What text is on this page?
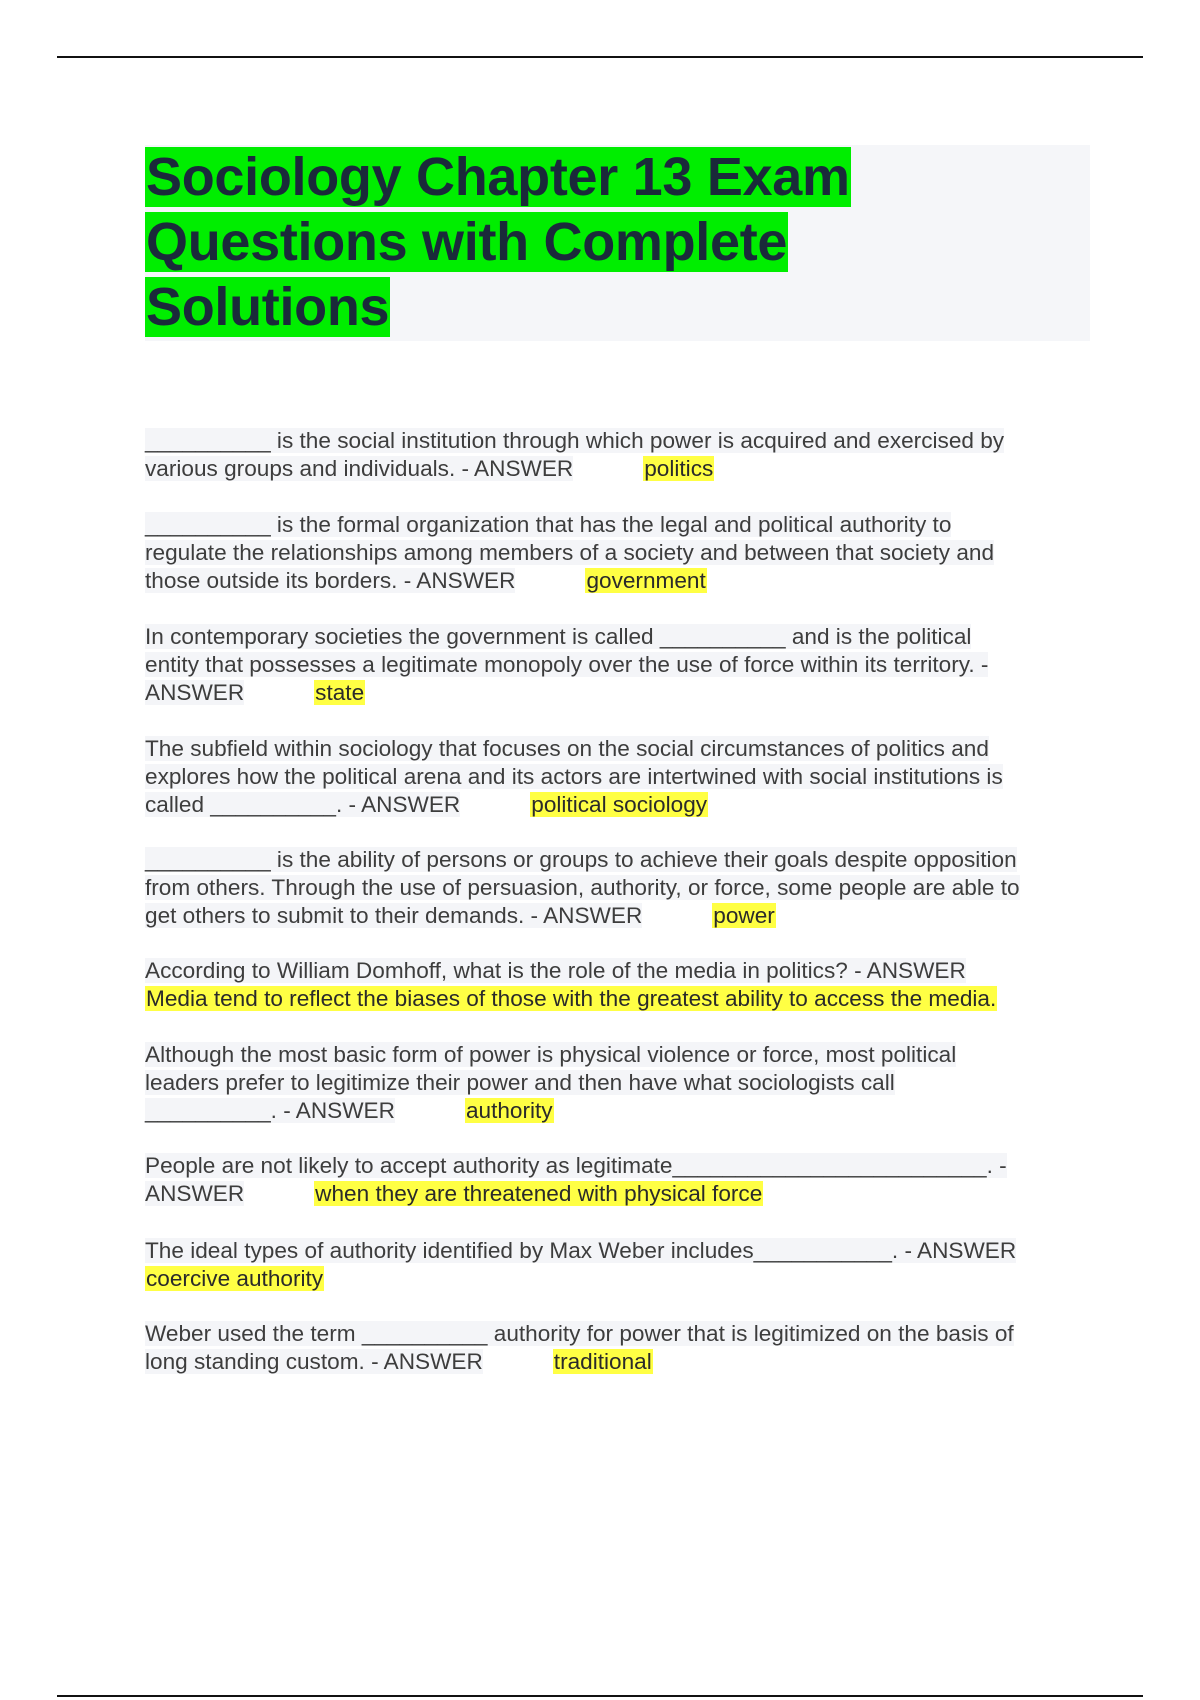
Sociology Chapter 13 Exam
Questions with Complete
Solutions

__________ is the social institution through which power is acquired and exercised by
various groups and individuals. - ANSWER	politics

__________ is the formal organization that has the legal and political authority to
regulate the relationships among members of a society and between that society and
those outside its borders. - ANSWER	government

In contemporary societies the government is called __________ and is the political
entity that possesses a legitimate monopoly over the use of force within its territory. -
ANSWER	state

The subfield within sociology that focuses on the social circumstances of politics and
explores how the political arena and its actors are intertwined with social institutions is
called __________. - ANSWER	political sociology

__________ is the ability of persons or groups to achieve their goals despite opposition
from others. Through the use of persuasion, authority, or force, some people are able to
get others to submit to their demands. - ANSWER	power

According to William Domhoff, what is the role of the media in politics? - ANSWER
Media tend to reflect the biases of those with the greatest ability to access the media.

Although the most basic form of power is physical violence or force, most political
leaders prefer to legitimize their power and then have what sociologists call
__________. - ANSWER	authority

People are not likely to accept authority as legitimate_________________________. -
ANSWER	when they are threatened with physical force

The ideal types of authority identified by Max Weber includes___________. - ANSWER
coercive authority

Weber used the term __________ authority for power that is legitimized on the basis of
long standing custom. - ANSWER	traditional
